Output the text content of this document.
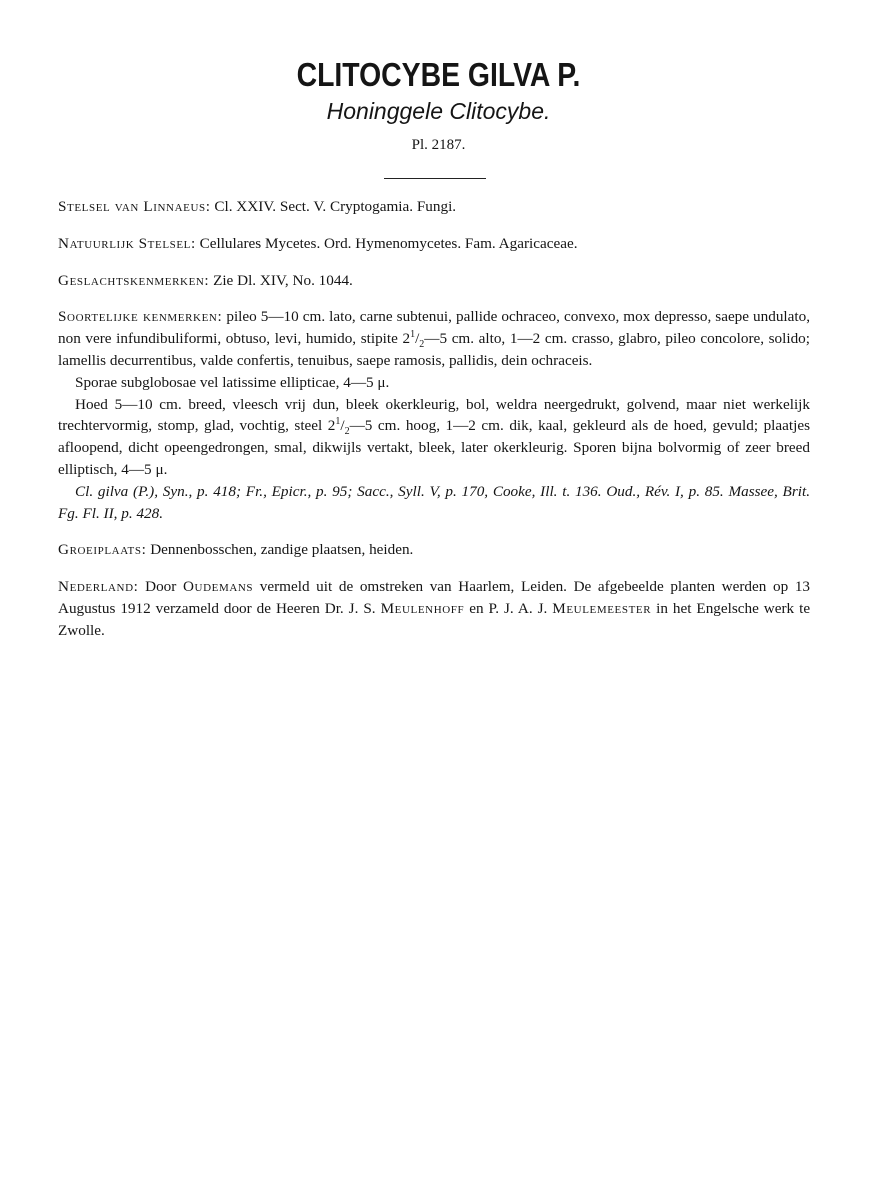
CLITOCYBE GILVA P.
Honinggele Clitocybe.
Pl. 2187.

Stelsel van Linnaeus: Cl. XXIV. Sect. V. Cryptogamia. Fungi.

Natuurlijk Stelsel: Cellulares Mycetes. Ord. Hymenomycetes. Fam. Agaricaceae.

Geslachtskenmerken: Zie Dl. XIV, No. 1044.

Soortelijke kenmerken: pileo 5—10 cm. lato, carne subtenui, pallide ochraceo, convexo, mox depresso, saepe undulato, non vere infundibuliformi, obtuso, levi, humido, stipite $2^1/_2—5$ cm. alto, 1—2 cm. crasso, glabro, pileo concolore, solido; lamellis decurrentibus, valde confertis, tenuibus, saepe ramosis, pallidis, dein ochraceis.

Sporae subglobosae vel latissime ellipticae, 4—5 μ.

Hoed 5—10 cm. breed, vleesch vrij dun, bleek okerkleurig, bol, weldra neergedrukt, golvend, maar niet werkelijk trechtervormig, stomp, glad, vochtig, steel $2^1/_2—5$ cm. hoog, 1—2 cm. dik, kaal, gekleurd als de hoed, gevuld; plaatjes afloopend, dicht opeengedrongen, smal, dikwijls vertakt, bleek, later okerkleurig. Sporen bijna bolvormig of zeer breed elliptisch, 4—5 μ.

Cl. gilva (P.), Syn., p. 418; Fr., Epicr., p. 95; Sacc., Syll. V, p. 170, Cooke, Ill. t. 136. Oud., Rév. I, p. 85. Massee, Brit. Fg. Fl. II, p. 428.

Groeiplaats: Dennenbosschen, zandige plaatsen, heiden.

Nederland: Door Oudemans vermeld uit de omstreken van Haarlem, Leiden. De afgebeelde planten werden op 13 Augustus 1912 verzameld door de Heeren Dr. J. S. Meulenhoff en P. J. A. J. Meulemeester in het Engelsche werk te Zwolle.
